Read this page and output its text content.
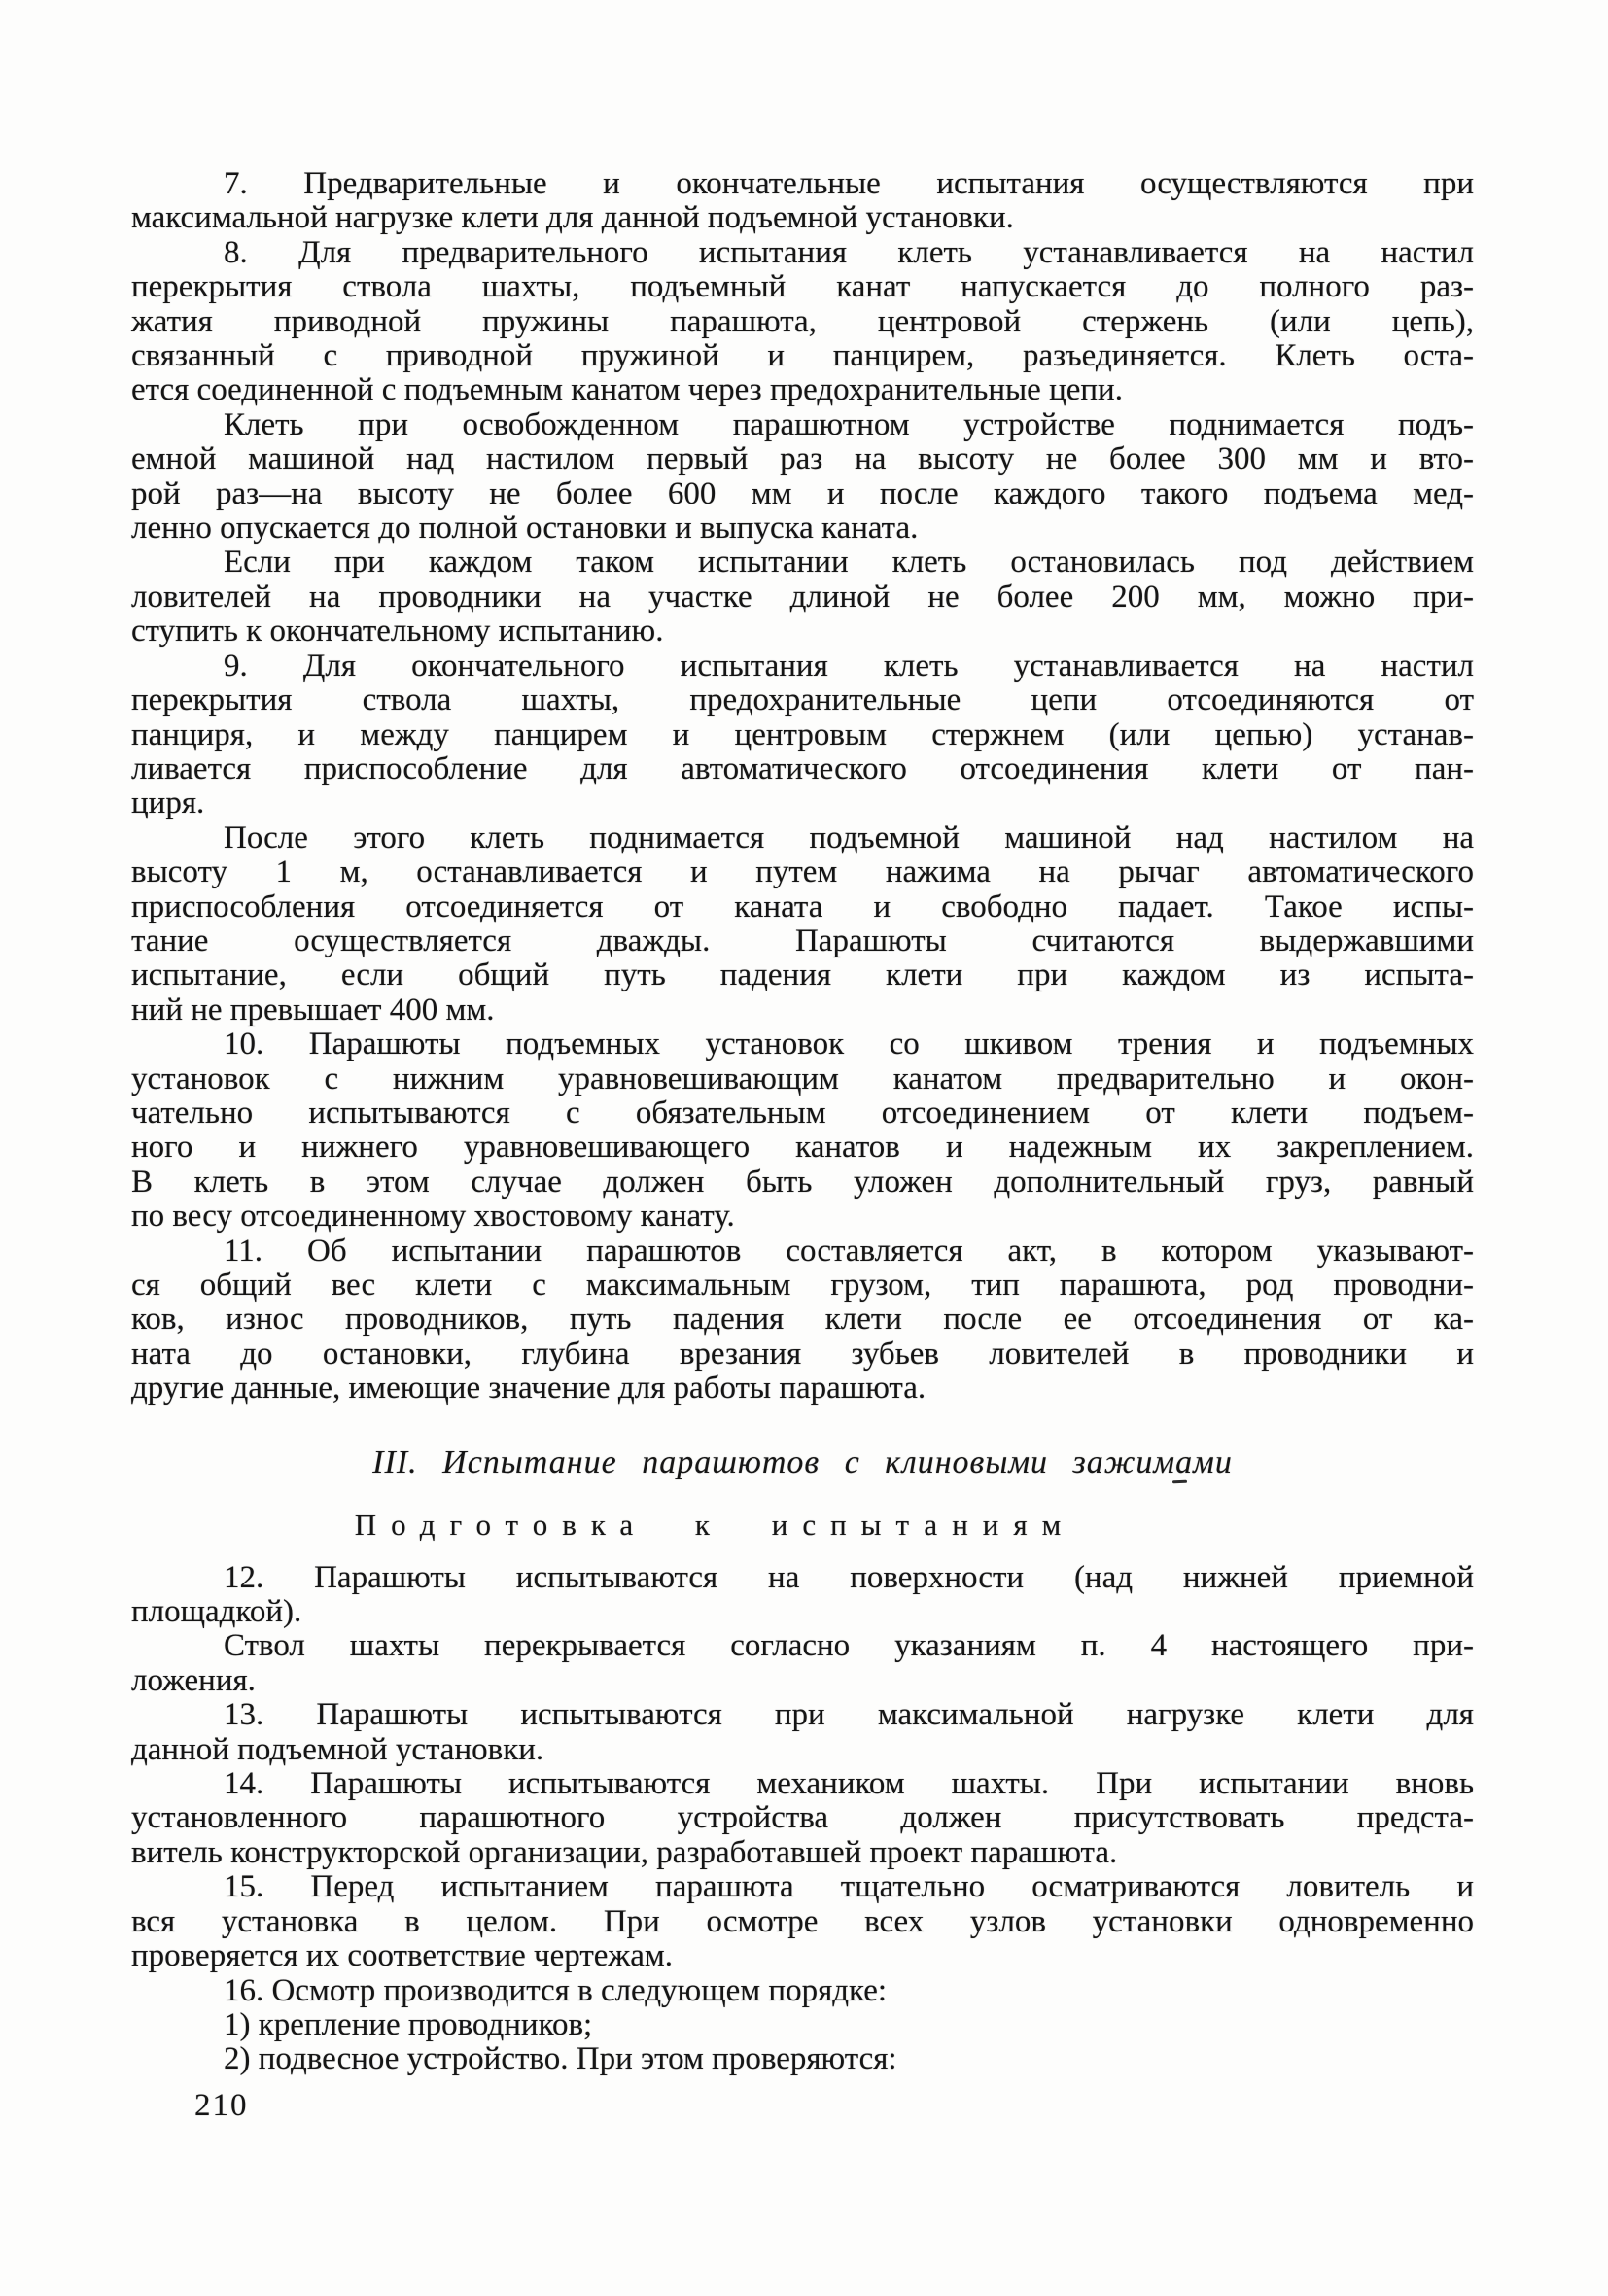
7. Предварительные и окончательные испытания осуществляются при
максимальной нагрузке клети для данной подъемной установки.
8. Для предварительного испытания клеть устанавливается на настил
перекрытия ствола шахты, подъемный канат напускается до полного раз-
жатия приводной пружины парашюта, центровой стержень (или цепь),
связанный с приводной пружиной и панцирем, разъединяется. Клеть оста-
ется соединенной с подъемным канатом через предохранительные цепи.
Клеть при освобожденном парашютном устройстве поднимается подъ-
емной машиной над настилом первый раз на высоту не более 300 мм и вто-
рой раз—на высоту не более 600 мм и после каждого такого подъема мед-
ленно опускается до полной остановки и выпуска каната.
Если при каждом таком испытании клеть остановилась под действием
ловителей на проводники на участке длиной не более 200 мм, можно при-
ступить к окончательному испытанию.
9. Для окончательного испытания клеть устанавливается на настил
перекрытия ствола шахты, предохранительные цепи отсоединяются от
панциря, и между панцирем и центровым стержнем (или цепью) устанав-
ливается приспособление для автоматического отсоединения клети от пан-
циря.
После этого клеть поднимается подъемной машиной над настилом на
высоту 1 м, останавливается и путем нажима на рычаг автоматического
приспособления отсоединяется от каната и свободно падает. Такое испы-
тание осуществляется дважды. Парашюты считаются выдержавшими
испытание, если общий путь падения клети при каждом из испыта-
ний не превышает 400 мм.
10. Парашюты подъемных установок со шкивом трения и подъемных
установок с нижним уравновешивающим канатом предварительно и окон-
чательно испытываются с обязательным отсоединением от клети подъем-
ного и нижнего уравновешивающего канатов и надежным их закреплением.
В клеть в этом случае должен быть уложен дополнительный груз, равный
по весу отсоединенному хвостовому канату.
11. Об испытании парашютов составляется акт, в котором указывают-
ся общий вес клети с максимальным грузом, тип парашюта, род проводни-
ков, износ проводников, путь падения клети после ее отсоединения от ка-
ната до остановки, глубина врезания зубьев ловителей в проводники и
другие данные, имеющие значение для работы парашюта.
III. Испытание парашютов с клиновыми зажимами
Подготовка к испытаниям
12. Парашюты испытываются на поверхности (над нижней приемной
площадкой).
Ствол шахты перекрывается согласно указаниям п. 4 настоящего при-
ложения.
13. Парашюты испытываются при максимальной нагрузке клети для
данной подъемной установки.
14. Парашюты испытываются механиком шахты. При испытании вновь
установленного парашютного устройства должен присутствовать предста-
витель конструкторской организации, разработавшей проект парашюта.
15. Перед испытанием парашюта тщательно осматриваются ловитель и
вся установка в целом. При осмотре всех узлов установки одновременно
проверяется их соответствие чертежам.
16. Осмотр производится в следующем порядке:
1) крепление проводников;
2) подвесное устройство. При этом проверяются:
210
